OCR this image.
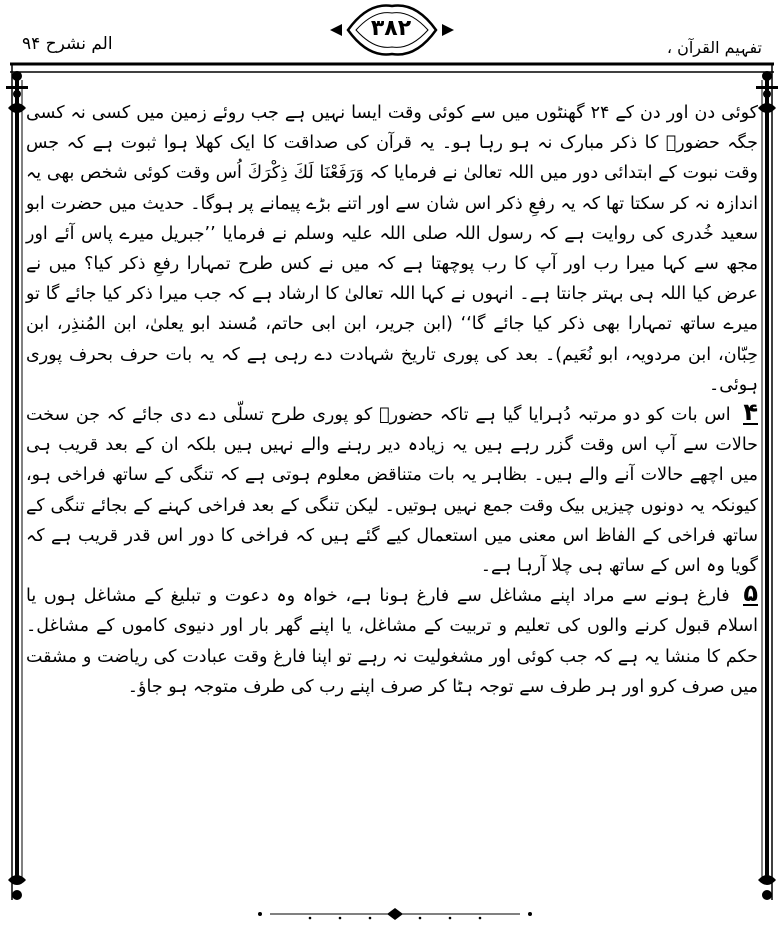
۳۸۲
الم نشرح ۹۴	تفہیم القرآن ،

کوئی دن اور دن کے ۲۴ گھنٹوں میں سے کوئی وقت ایسا نہیں ہے جب روئے زمین میں کسی نہ کسی جگہ حضورؐ کا ذکر مبارک نہ ہو رہا ہو۔ یہ قرآن کی صداقت کا ایک کھلا ہوا ثبوت ہے کہ جس وقت نبوت کے ابتدائی دور میں اللہ تعالیٰ نے فرمایا کہ وَرَفَعْنَا لَكَ ذِكْرَكَ اُس وقت کوئی شخص بھی یہ اندازہ نہ کر سکتا تھا کہ یہ رفعِ ذکر اس شان سے اور اتنے بڑے پیمانے پر ہوگا۔ حدیث میں حضرت ابو سعید خُدری کی روایت ہے کہ رسول اللہ صلی اللہ علیہ وسلم نے فرمایا ’’جبریل میرے پاس آئے اور مجھ سے کہا میرا رب اور آپ کا رب پوچھتا ہے کہ میں نے کس طرح تمہارا رفعِ ذکر کیا؟ میں نے عرض کیا اللہ ہی بہتر جانتا ہے۔ انہوں نے کہا اللہ تعالیٰ کا ارشاد ہے کہ جب میرا ذکر کیا جائے گا تو میرے ساتھ تمہارا بھی ذکر کیا جائے گا‘‘ (ابن جریر، ابن ابی حاتم، مُسند ابو یعلیٰ، ابن المُنذِر، ابن حِبّان، ابن مردویہ، ابو نُعَیم)۔ بعد کی پوری تاریخ شہادت دے رہی ہے کہ یہ بات حرف بحرف پوری ہوئی۔

۴ اس بات کو دو مرتبہ دُہرایا گیا ہے تاکہ حضورؐ کو پوری طرح تسلّی دے دی جائے کہ جن سخت حالات سے آپ اس وقت گزر رہے ہیں یہ زیادہ دیر رہنے والے نہیں ہیں بلکہ ان کے بعد قریب ہی میں اچھے حالات آنے والے ہیں۔ بظاہر یہ بات متناقض معلوم ہوتی ہے کہ تنگی کے ساتھ فراخی ہو، کیونکہ یہ دونوں چیزیں بیک وقت جمع نہیں ہوتیں۔ لیکن تنگی کے بعد فراخی کہنے کے بجائے تنگی کے ساتھ فراخی کے الفاظ اس معنی میں استعمال کیے گئے ہیں کہ فراخی کا دور اس قدر قریب ہے کہ گویا وہ اس کے ساتھ ہی چلا آرہا ہے۔

۵ فارغ ہونے سے مراد اپنے مشاغل سے فارغ ہونا ہے، خواہ وہ دعوت و تبلیغ کے مشاغل ہوں یا اسلام قبول کرنے والوں کی تعلیم و تربیت کے مشاغل، یا اپنے گھر بار اور دنیوی کاموں کے مشاغل۔ حکم کا منشا یہ ہے کہ جب کوئی اور مشغولیت نہ رہے تو اپنا فارغ وقت عبادت کی ریاضت و مشقت میں صرف کرو اور ہر طرف سے توجہ ہٹا کر صرف اپنے رب کی طرف متوجہ ہو جاؤ۔
